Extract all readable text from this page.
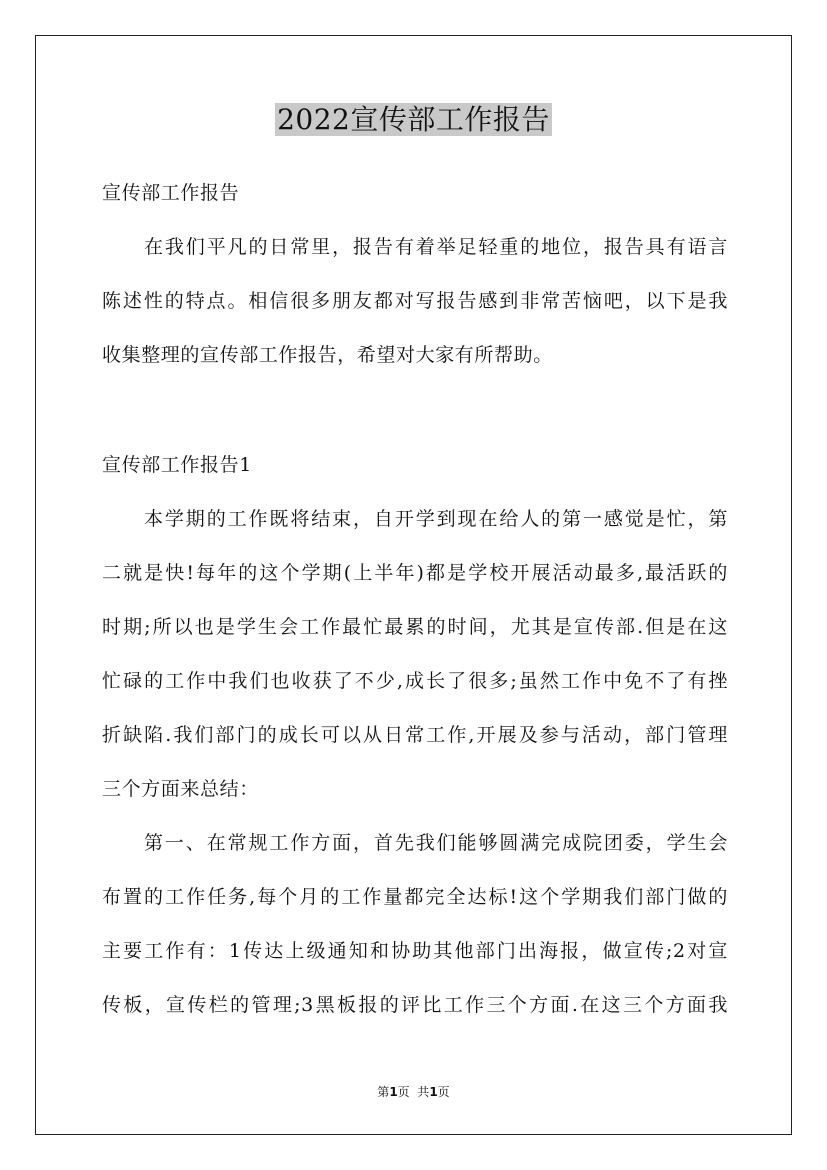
2022宣传部工作报告
宣传部工作报告
在我们平凡的日常里，报告有着举足轻重的地位，报告具有语言
陈述性的特点。相信很多朋友都对写报告感到非常苦恼吧，以下是我
收集整理的宣传部工作报告，希望对大家有所帮助。
宣传部工作报告1
本学期的工作既将结束，自开学到现在给人的第一感觉是忙，第
二就是快!每年的这个学期(上半年)都是学校开展活动最多,最活跃的
时期;所以也是学生会工作最忙最累的时间，尤其是宣传部.但是在这
忙碌的工作中我们也收获了不少,成长了很多;虽然工作中免不了有挫
折缺陷.我们部门的成长可以从日常工作,开展及参与活动，部门管理
三个方面来总结：
第一、在常规工作方面，首先我们能够圆满完成院团委，学生会
布置的工作任务,每个月的工作量都完全达标!这个学期我们部门做的
主要工作有：1传达上级通知和协助其他部门出海报，做宣传;2对宣
传板，宣传栏的管理;3黑板报的评比工作三个方面.在这三个方面我
第1页  共1页
